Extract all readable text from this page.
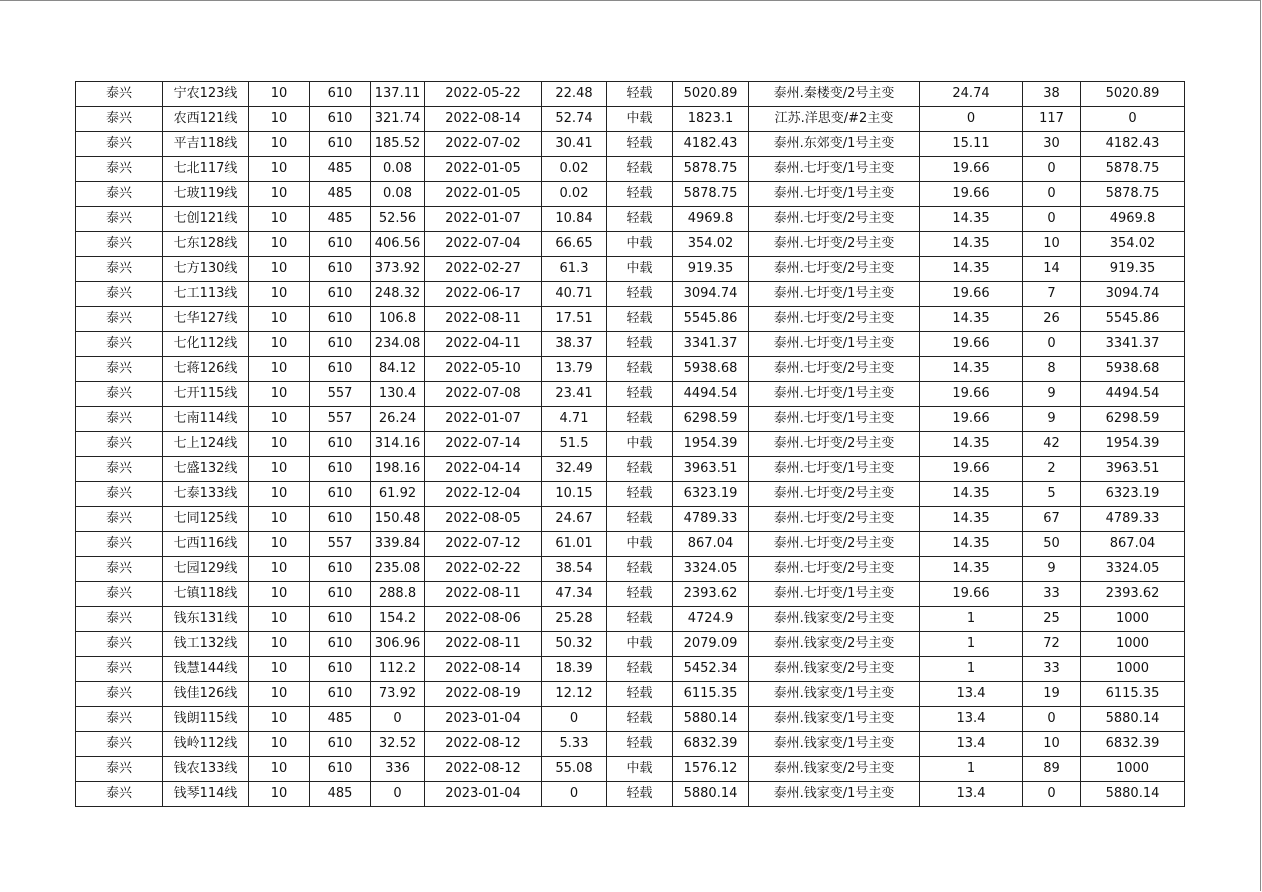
泰兴	宁农123线	10	610	137.11	2022-05-22	22.48	轻载	5020.89	泰州.秦楼变/2号主变	24.74	38	5020.89
泰兴	农西121线	10	610	321.74	2022-08-14	52.74	中载	1823.1	江苏.洋思变/#2主变	0	117	0
泰兴	平吉118线	10	610	185.52	2022-07-02	30.41	轻载	4182.43	泰州.东郊变/1号主变	15.11	30	4182.43
泰兴	七北117线	10	485	0.08	2022-01-05	0.02	轻载	5878.75	泰州.七圩变/1号主变	19.66	0	5878.75
泰兴	七玻119线	10	485	0.08	2022-01-05	0.02	轻载	5878.75	泰州.七圩变/1号主变	19.66	0	5878.75
泰兴	七创121线	10	485	52.56	2022-01-07	10.84	轻载	4969.8	泰州.七圩变/2号主变	14.35	0	4969.8
泰兴	七东128线	10	610	406.56	2022-07-04	66.65	中载	354.02	泰州.七圩变/2号主变	14.35	10	354.02
泰兴	七方130线	10	610	373.92	2022-02-27	61.3	中载	919.35	泰州.七圩变/2号主变	14.35	14	919.35
泰兴	七工113线	10	610	248.32	2022-06-17	40.71	轻载	3094.74	泰州.七圩变/1号主变	19.66	7	3094.74
泰兴	七华127线	10	610	106.8	2022-08-11	17.51	轻载	5545.86	泰州.七圩变/2号主变	14.35	26	5545.86
泰兴	七化112线	10	610	234.08	2022-04-11	38.37	轻载	3341.37	泰州.七圩变/1号主变	19.66	0	3341.37
泰兴	七蒋126线	10	610	84.12	2022-05-10	13.79	轻载	5938.68	泰州.七圩变/2号主变	14.35	8	5938.68
泰兴	七开115线	10	557	130.4	2022-07-08	23.41	轻载	4494.54	泰州.七圩变/1号主变	19.66	9	4494.54
泰兴	七南114线	10	557	26.24	2022-01-07	4.71	轻载	6298.59	泰州.七圩变/1号主变	19.66	9	6298.59
泰兴	七上124线	10	610	314.16	2022-07-14	51.5	中载	1954.39	泰州.七圩变/2号主变	14.35	42	1954.39
泰兴	七盛132线	10	610	198.16	2022-04-14	32.49	轻载	3963.51	泰州.七圩变/1号主变	19.66	2	3963.51
泰兴	七泰133线	10	610	61.92	2022-12-04	10.15	轻载	6323.19	泰州.七圩变/2号主变	14.35	5	6323.19
泰兴	七同125线	10	610	150.48	2022-08-05	24.67	轻载	4789.33	泰州.七圩变/2号主变	14.35	67	4789.33
泰兴	七西116线	10	557	339.84	2022-07-12	61.01	中载	867.04	泰州.七圩变/2号主变	14.35	50	867.04
泰兴	七园129线	10	610	235.08	2022-02-22	38.54	轻载	3324.05	泰州.七圩变/2号主变	14.35	9	3324.05
泰兴	七镇118线	10	610	288.8	2022-08-11	47.34	轻载	2393.62	泰州.七圩变/1号主变	19.66	33	2393.62
泰兴	钱东131线	10	610	154.2	2022-08-06	25.28	轻载	4724.9	泰州.钱家变/2号主变	1	25	1000
泰兴	钱工132线	10	610	306.96	2022-08-11	50.32	中载	2079.09	泰州.钱家变/2号主变	1	72	1000
泰兴	钱慧144线	10	610	112.2	2022-08-14	18.39	轻载	5452.34	泰州.钱家变/2号主变	1	33	1000
泰兴	钱佳126线	10	610	73.92	2022-08-19	12.12	轻载	6115.35	泰州.钱家变/1号主变	13.4	19	6115.35
泰兴	钱朗115线	10	485	0	2023-01-04	0	轻载	5880.14	泰州.钱家变/1号主变	13.4	0	5880.14
泰兴	钱岭112线	10	610	32.52	2022-08-12	5.33	轻载	6832.39	泰州.钱家变/1号主变	13.4	10	6832.39
泰兴	钱农133线	10	610	336	2022-08-12	55.08	中载	1576.12	泰州.钱家变/2号主变	1	89	1000
泰兴	钱琴114线	10	485	0	2023-01-04	0	轻载	5880.14	泰州.钱家变/1号主变	13.4	0	5880.14
